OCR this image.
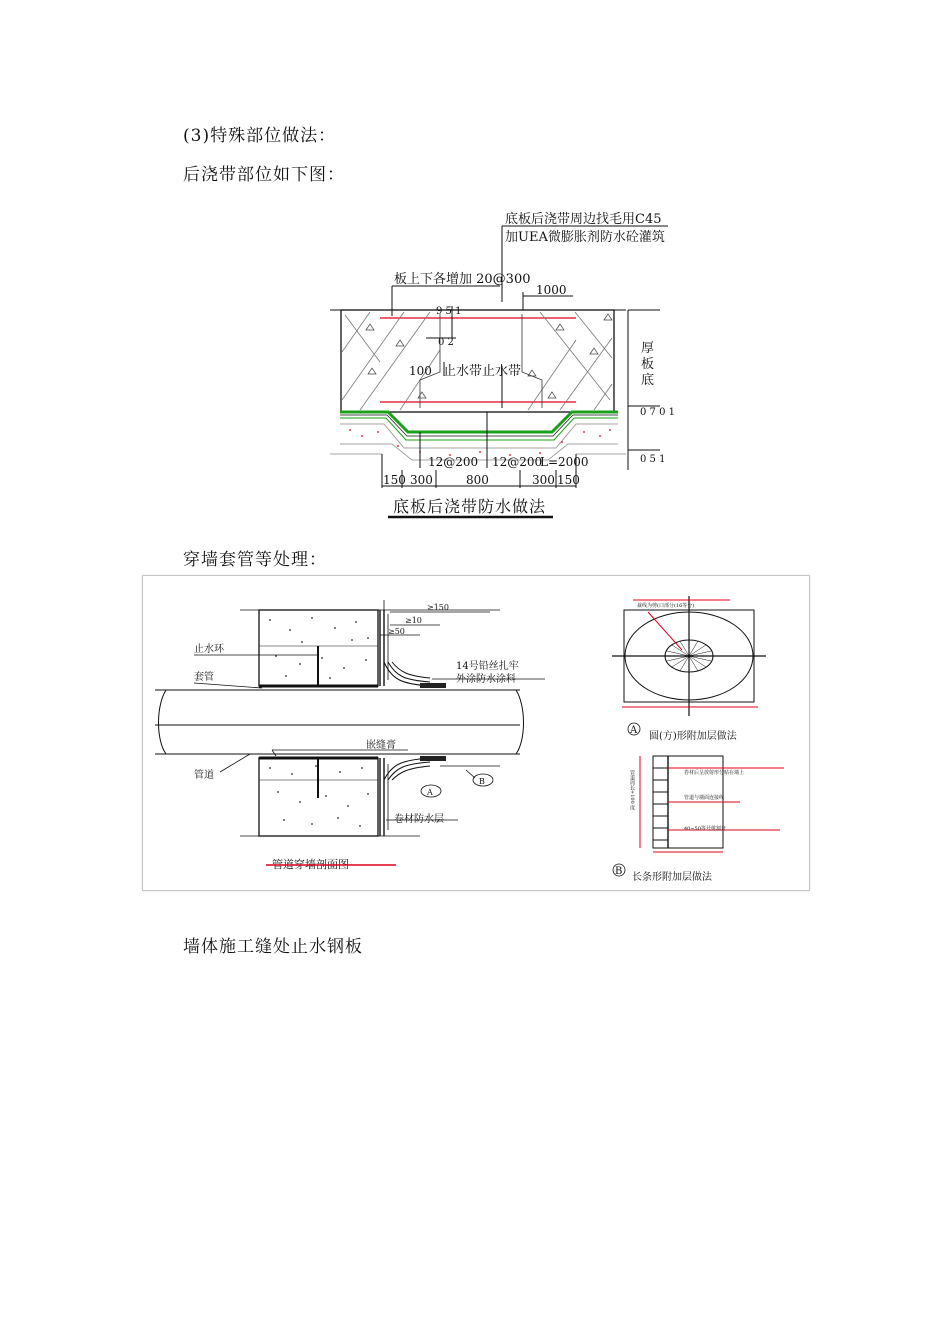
(3)特殊部位做法：
后浇带部位如下图：
穿墙套管等处理：
墙体施工缝处止水钢板
底板后浇带周边找毛用C45
加UEA微膨胀剂防水砼灌筑
板上下各增加 20@300
1000
9 5 1
0 2
100 止水带止水带
厚 板 底
0 7 0 1
0 5 1
12@200 12@200
L=2000
150 300	800	300 150
底板后浇带防水做法
≥150
≥10
≥50
止水环
套管
管道
14号铅丝扎牢
外涂防水涂料
嵌缝膏
卷材防水层
A
B
管道穿墙剖面图
裁线为剪(口部分(16等分)
A
圆(方)形附加层做法
卷材后呈放射形分贴在墙上
管道与墙面连接线
40~50等号剪割开
管道周长+100 度
B
长条形附加层做法
